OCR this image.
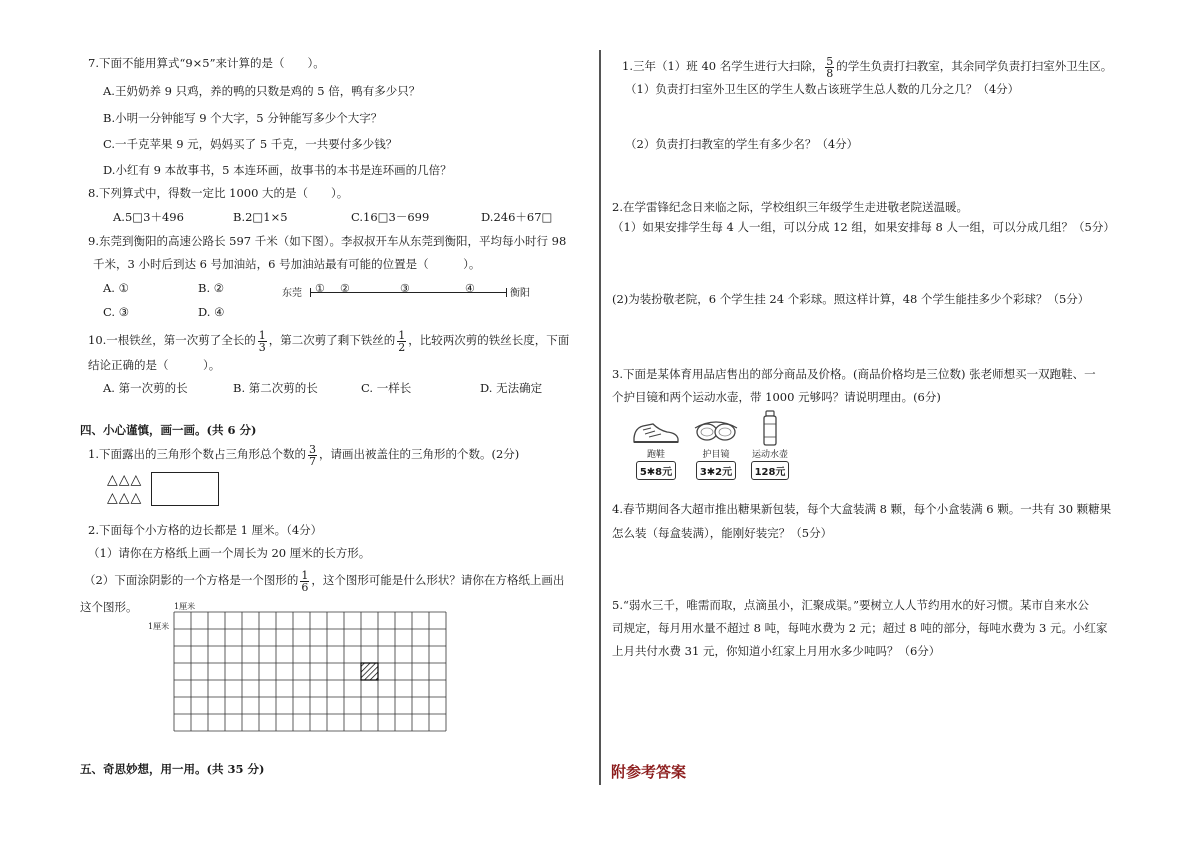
7.下面不能用算式“9×5”来计算的是（　　）。
A.王奶奶养 9 只鸡，养的鸭的只数是鸡的 5 倍，鸭有多少只？
B.小明一分钟能写 9 个大字，5 分钟能写多少个大字？
C.一千克苹果 9 元，妈妈买了 5 千克，一共要付多少钱？
D.小红有 9 本故事书，5 本连环画，故事书的本书是连环画的几倍？
8.下列算式中，得数一定比 1000 大的是（　　）。
A.5□3＋496	B.2□1×5	C.16□3－699	D.246＋67□
9.东莞到衡阳的高速公路长 597 千米（如下图）。李叔叔开车从东莞到衡阳，平均每小时行 98
千米，3 小时后到达 6 号加油站，6 号加油站最有可能的位置是（　　　）。
A. ①	B. ②
C. ③	D. ④
东莞 ① ②	③	④	衡阳
10.一根铁丝，第一次剪了全长的 $\frac{1}{3}$ ，第二次剪了剩下铁丝的 $\frac{1}{2}$ ，比较两次剪的铁丝长度，下面
结论正确的是（　　　）。
A. 第一次剪的长	B. 第二次剪的长	C. 一样长	D. 无法确定
四、小心谨慎，画一画。(共 6 分)
1.下面露出的三角形个数占三角形总个数的 $\frac{3}{7}$ ，请画出被盖住的三角形的个数。(2分)
△△△
△△△
2.下面每个小方格的边长都是 1 厘米。（4分）
（1）请你在方格纸上画一个周长为 20 厘米的长方形。
（2）下面涂阴影的一个方格是一个图形的 $\frac{1}{6}$ ，这个图形可能是什么形状？请你在方格纸上画出
这个图形。	1厘米
1厘米
五、奇思妙想，用一用。(共 35 分)
1.三年（1）班 40 名学生进行大扫除， $\frac{5}{8}$ 的学生负责打扫教室，其余同学负责打扫室外卫生区。
（1）负责打扫室外卫生区的学生人数占该班学生总人数的几分之几？（4分）
（2）负责打扫教室的学生有多少名？（4分）
2.在学雷锋纪念日来临之际，学校组织三年级学生走进敬老院送温暖。
（1）如果安排学生每 4 人一组，可以分成 12 组，如果安排每 8 人一组，可以分成几组？（5分）
(2)为装扮敬老院，6 个学生挂 24 个彩球。照这样计算，48 个学生能挂多少个彩球？（5分）
3.下面是某体育用品店售出的部分商品及价格。(商品价格均是三位数) 张老师想买一双跑鞋、一
个护目镜和两个运动水壶，带 1000 元够吗？请说明理由。(6分)
跑鞋
5✱8元
护目镜
3✱2元
运动水壶
128元
4.春节期间各大超市推出糖果新包装，每个大盒装满 8 颗，每个小盒装满 6 颗。一共有 30 颗糖果
怎么装（每盒装满），能刚好装完？（5分）
5.“弱水三千，唯需而取，点滴虽小，汇聚成渠。”要树立人人节约用水的好习惯。某市自来水公
司规定，每月用水量不超过 8 吨，每吨水费为 2 元；超过 8 吨的部分，每吨水费为 3 元。小红家
上月共付水费 31 元，你知道小红家上月用水多少吨吗？（6分）
附参考答案
